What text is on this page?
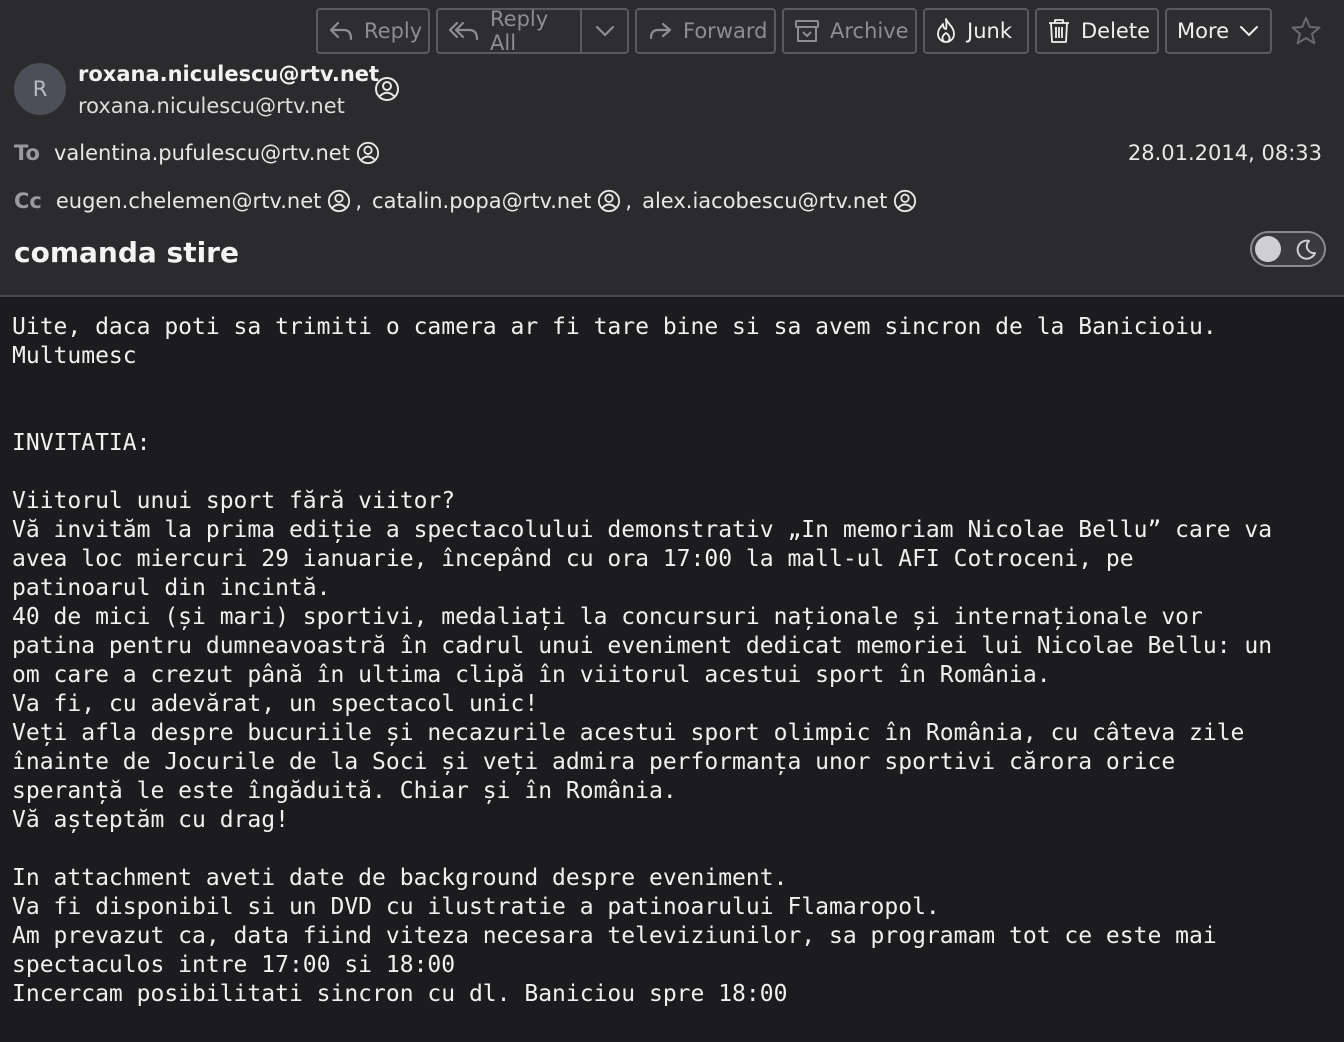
Reply	Reply All	Forward	Archive	Junk	Delete More
R
roxana.niculescu@rtv.net
roxana.niculescu@rtv.net
To valentina.pufulescu@rtv.net	28.01.2014, 08:33
Cc eugen.chelemen@rtv.net , catalin.popa@rtv.net , alex.iacobescu@rtv.net
comanda stire

Uite, daca poti sa trimiti o camera ar fi tare bine si sa avem sincron de la Banicioiu.

Multumesc

INVITATIA:

Viitorul unui sport fără viitor?

Vă invităm la prima ediție a spectacolului demonstrativ „In memoriam Nicolae Bellu” care va

avea loc miercuri 29 ianuarie, începând cu ora 17:00 la mall-ul AFI Cotroceni, pe

patinoarul din incintă.

40 de mici (și mari) sportivi, medaliați la concursuri naționale și internaționale vor

patina pentru dumneavoastră în cadrul unui eveniment dedicat memoriei lui Nicolae Bellu: un

om care a crezut până în ultima clipă în viitorul acestui sport în România.

Va fi, cu adevărat, un spectacol unic!

Veți afla despre bucuriile și necazurile acestui sport olimpic în România, cu câteva zile

înainte de Jocurile de la Soci și veți admira performanța unor sportivi cărora orice

speranță le este îngăduită. Chiar și în România.

Vă așteptăm cu drag!

In attachment aveti date de background despre eveniment.

Va fi disponibil si un DVD cu ilustratie a patinoarului Flamaropol.

Am prevazut ca, data fiind viteza necesara televiziunilor, sa programam tot ce este mai

spectaculos intre 17:00 si 18:00

Incercam posibilitati sincron cu dl. Baniciou spre 18:00
